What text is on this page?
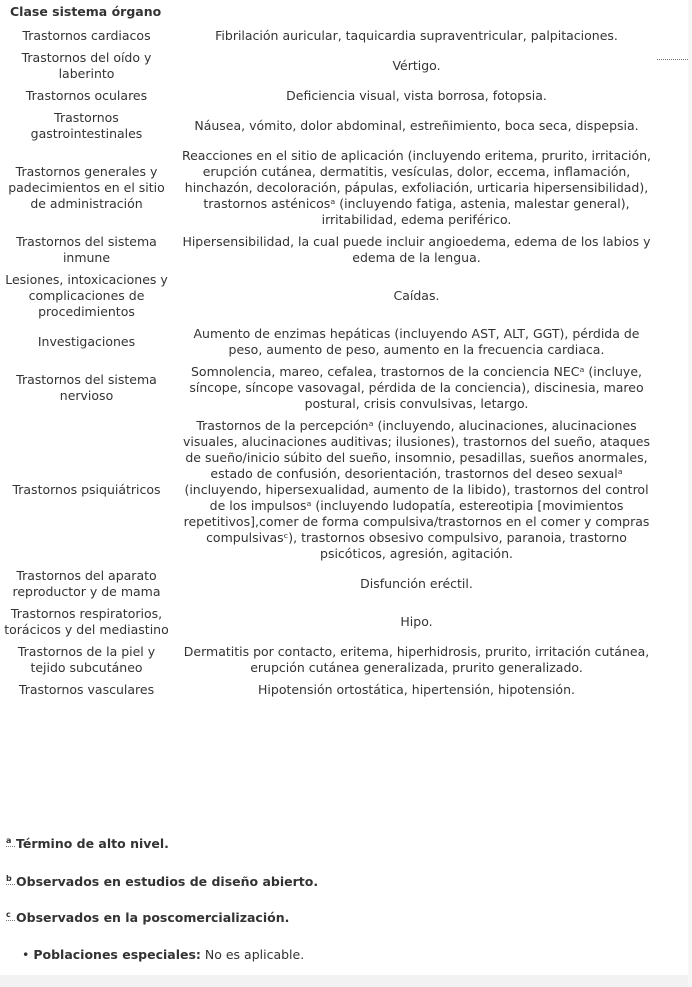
Clase sistema órgano
Trastornos cardiacos	Fibrilación auricular, taquicardia supraventricular, palpitaciones.
Trastornos del oído y laberinto	Vértigo.
Trastornos oculares	Deficiencia visual, vista borrosa, fotopsia.
Trastornos gastrointestinales	Náusea, vómito, dolor abdominal, estreñimiento, boca seca, dispepsia.
Trastornos generales y padecimientos en el sitio de administración	Reacciones en el sitio de aplicación (incluyendo eritema, prurito, irritación, erupción cutánea, dermatitis, vesículas, dolor, eccema, inflamación, hinchazón, decoloración, pápulas, exfoliación, urticaria hipersensibilidad), trastornos asténicosᵃ (incluyendo fatiga, astenia, malestar general), irritabilidad, edema periférico.
Trastornos del sistema inmune	Hipersensibilidad, la cual puede incluir angioedema, edema de los labios y edema de la lengua.
Lesiones, intoxicaciones y complicaciones de procedimientos	Caídas.
Investigaciones	Aumento de enzimas hepáticas (incluyendo AST, ALT, GGT), pérdida de peso, aumento de peso, aumento en la frecuencia cardiaca.
Trastornos del sistema nervioso	Somnolencia, mareo, cefalea, trastornos de la conciencia NECᵃ (incluye, síncope, síncope vasovagal, pérdida de la conciencia), discinesia, mareo postural, crisis convulsivas, letargo.
Trastornos psiquiátricos	Trastornos de la percepciónᵃ (incluyendo, alucinaciones, alucinaciones visuales, alucinaciones auditivas; ilusiones), trastornos del sueño, ataques de sueño/inicio súbito del sueño, insomnio, pesadillas, sueños anormales, estado de confusión, desorientación, trastornos del deseo sexualᵃ (incluyendo, hipersexualidad, aumento de la libido), trastornos del control de los impulsosᵃ (incluyendo ludopatía, estereotipia [movimientos repetitivos],comer de forma compulsiva/trastornos en el comer y compras compulsivasᶜ), trastornos obsesivo compulsivo, paranoia, trastorno psicóticos, agresión, agitación.
Trastornos del aparato reproductor y de mama	Disfunción eréctil.
Trastornos respiratorios, torácicos y del mediastino	Hipo.
Trastornos de la piel y tejido subcutáneo	Dermatitis por contacto, eritema, hiperhidrosis, prurito, irritación cutánea, erupción cutánea generalizada, prurito generalizado.
Trastornos vasculares	Hipotensión ortostática, hipertensión, hipotensión.
a Término de alto nivel.
b Observados en estudios de diseño abierto.
c Observados en la poscomercialización.
• Poblaciones especiales: No es aplicable.
